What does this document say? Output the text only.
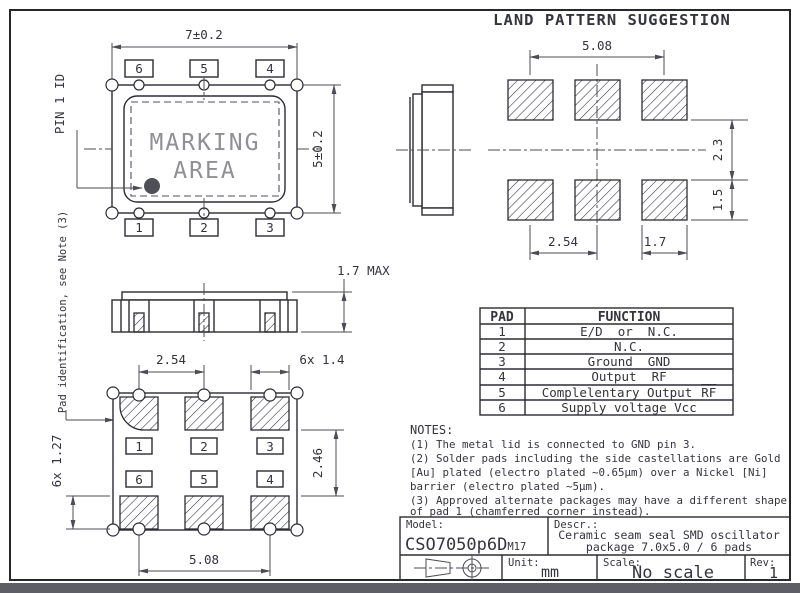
7±0.2
6	5	4
MARKING
AREA
1	2	3
5±0.2
PIN 1 ID
1.7 MAX
Pad identification, see Note (3)	2.54	6x 1.4
1	2	3
6	5	4
6x 1.27	2.46
5.08
LAND PATTERN SUGGESTION
5.08
2.3
1.5
2.54	1.7
PAD	FUNCTION
1	E/D  or  N.C.
2	N.C.
3	Ground  GND
4	Output  RF
5	Complelentary Output RF
6	Supply voltage Vcc
NOTES:
(1) The metal lid is connected to GND pin 3.
(2) Solder pads including the side castellations are Gold
[Au] plated (electro plated ~0.65μm) over a Nickel [Ni]
barrier (electro plated ~5μm).
(3) Approved alternate packages may have a different shape
of pad 1 (chamferred corner instead).
Model:
CSO7050p6DM17
Descr.:
Ceramic seam seal SMD oscillator
package 7.0x5.0 / 6 pads
Unit: mm	Scale:
No scale	Rev:
1
